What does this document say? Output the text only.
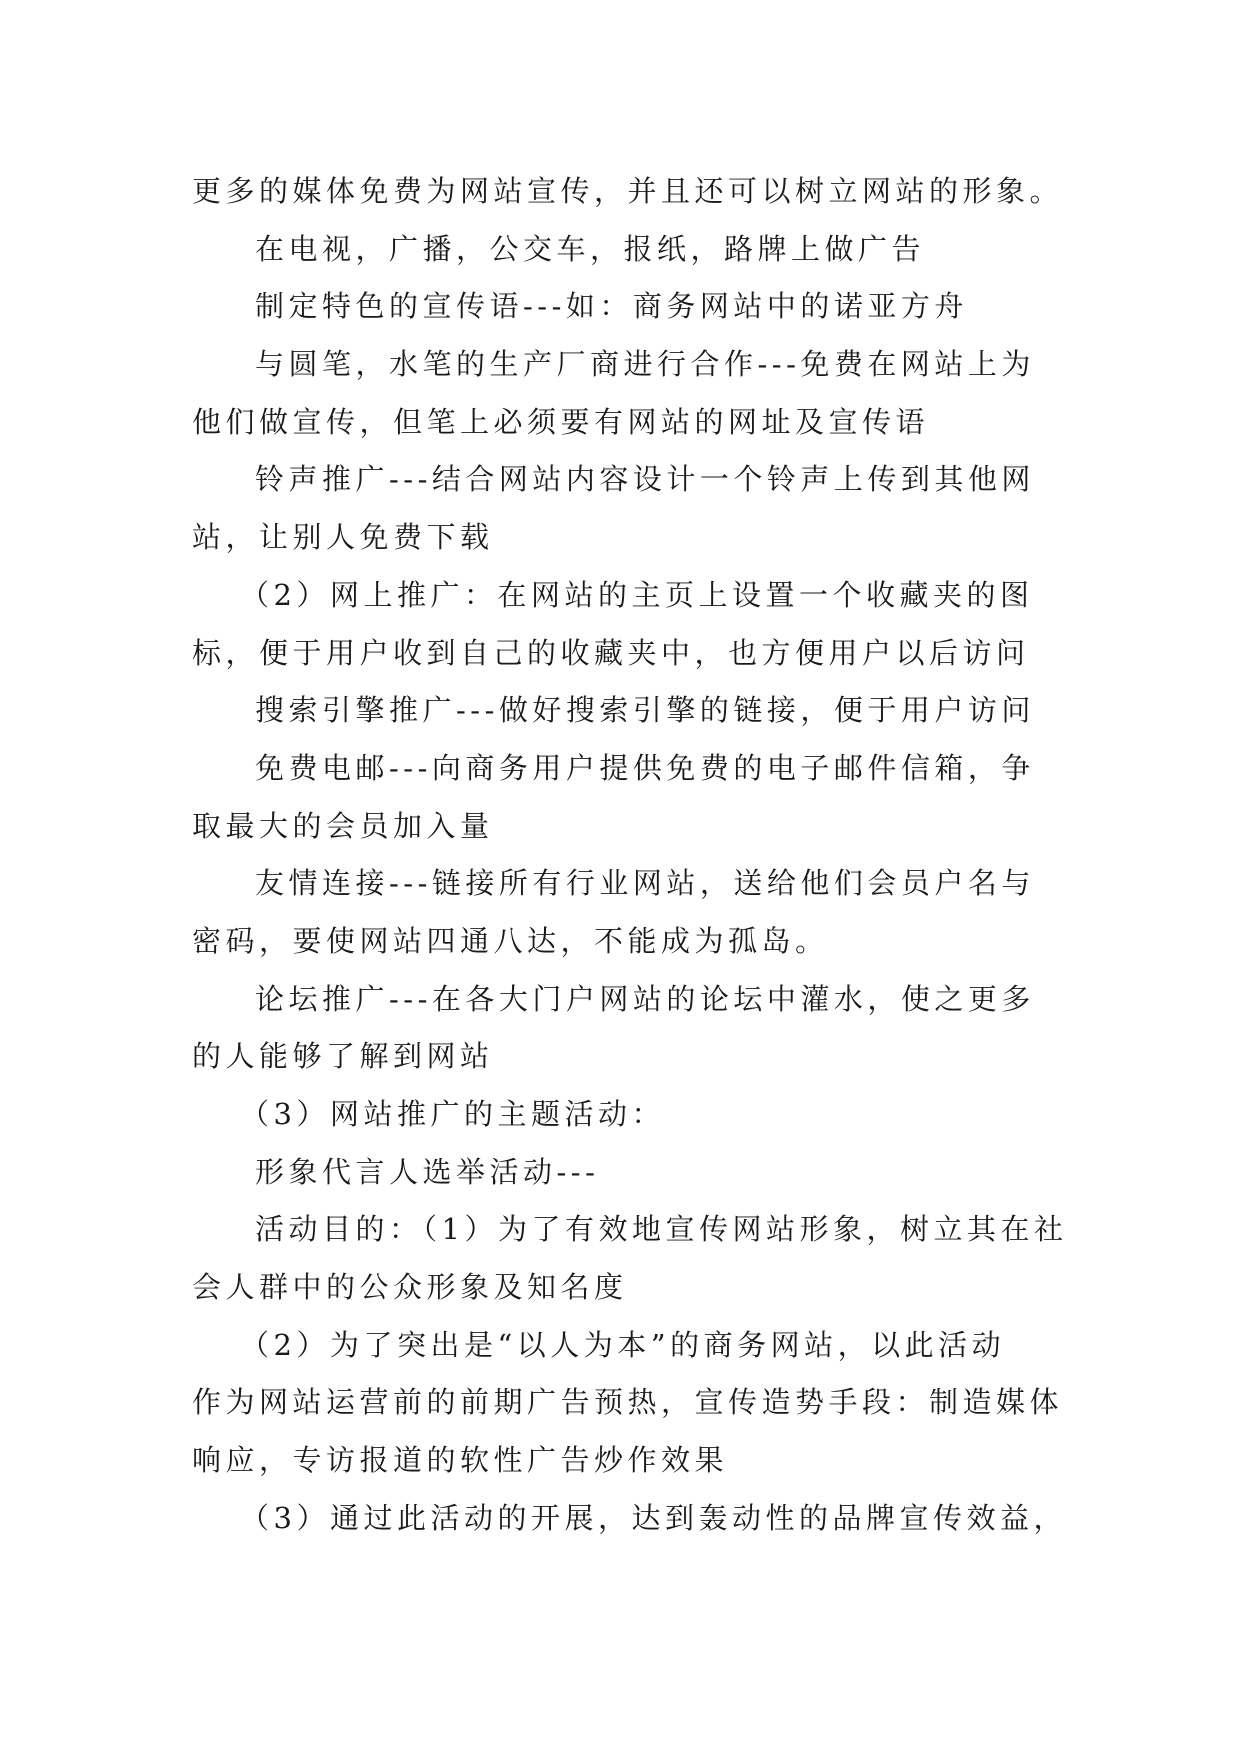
更多的媒体免费为网站宣传，并且还可以树立网站的形象。
在电视，广播，公交车，报纸，路牌上做广告
制定特色的宣传语---如：商务网站中的诺亚方舟
与圆笔，水笔的生产厂商进行合作---免费在网站上为
他们做宣传，但笔上必须要有网站的网址及宣传语
铃声推广---结合网站内容设计一个铃声上传到其他网
站，让别人免费下载
（2）网上推广：在网站的主页上设置一个收藏夹的图
标，便于用户收到自己的收藏夹中，也方便用户以后访问
搜索引擎推广---做好搜索引擎的链接，便于用户访问
免费电邮---向商务用户提供免费的电子邮件信箱，争
取最大的会员加入量
友情连接---链接所有行业网站，送给他们会员户名与
密码，要使网站四通八达，不能成为孤岛。
论坛推广---在各大门户网站的论坛中灌水，使之更多
的人能够了解到网站
（3）网站推广的主题活动：
形象代言人选举活动---
活动目的：（1）为了有效地宣传网站形象，树立其在社
会人群中的公众形象及知名度
（2）为了突出是“以人为本”的商务网站，以此活动
作为网站运营前的前期广告预热，宣传造势手段：制造媒体
响应，专访报道的软性广告炒作效果
（3）通过此活动的开展，达到轰动性的品牌宣传效益，
